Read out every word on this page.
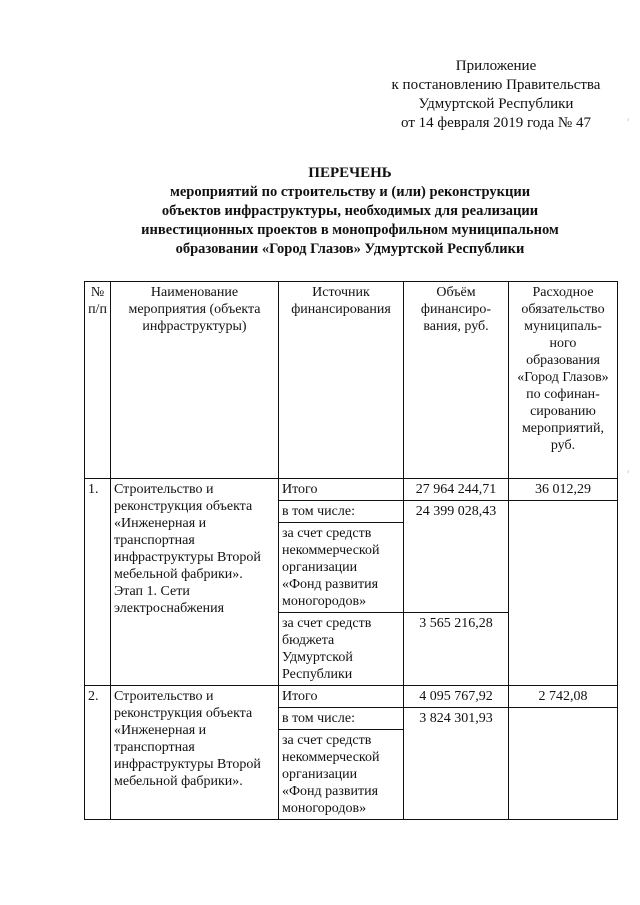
Приложение
к постановлению Правительства
Удмуртской Республики
от 14 февраля 2019 года № 47
ПЕРЕЧЕНЬ
мероприятий по строительству и (или) реконструкции
объектов инфраструктуры, необходимых для реализации
инвестиционных проектов в монопрофильном муниципальном
образовании «Город Глазов» Удмуртской Республики
№ п/п	Наименование мероприятия (объекта инфраструктуры)	Источник финансирования	Объём финансиро-вания, руб.	Расходное обязательство муниципаль-ного образования «Город Глазов» по софинан-сированию мероприятий, руб.
1.	Строительство и реконструкция объекта «Инженерная и транспортная инфраструктуры Второй мебельной фабрики». Этап 1. Сети электроснабжения	Итого	27 964 244,71	36 012,29
		в том числе:	24 399 028,43	
		за счет средств некоммерческой организации «Фонд развития моногородов»		
		за счет средств бюджета Удмуртской Республики	3 565 216,28	
2.	Строительство и реконструкция объекта «Инженерная и транспортная инфраструктуры Второй мебельной фабрики».	Итого	4 095 767,92	2 742,08
		в том числе:	3 824 301,93	
		за счет средств некоммерческой организации «Фонд развития моногородов»		
'
'
